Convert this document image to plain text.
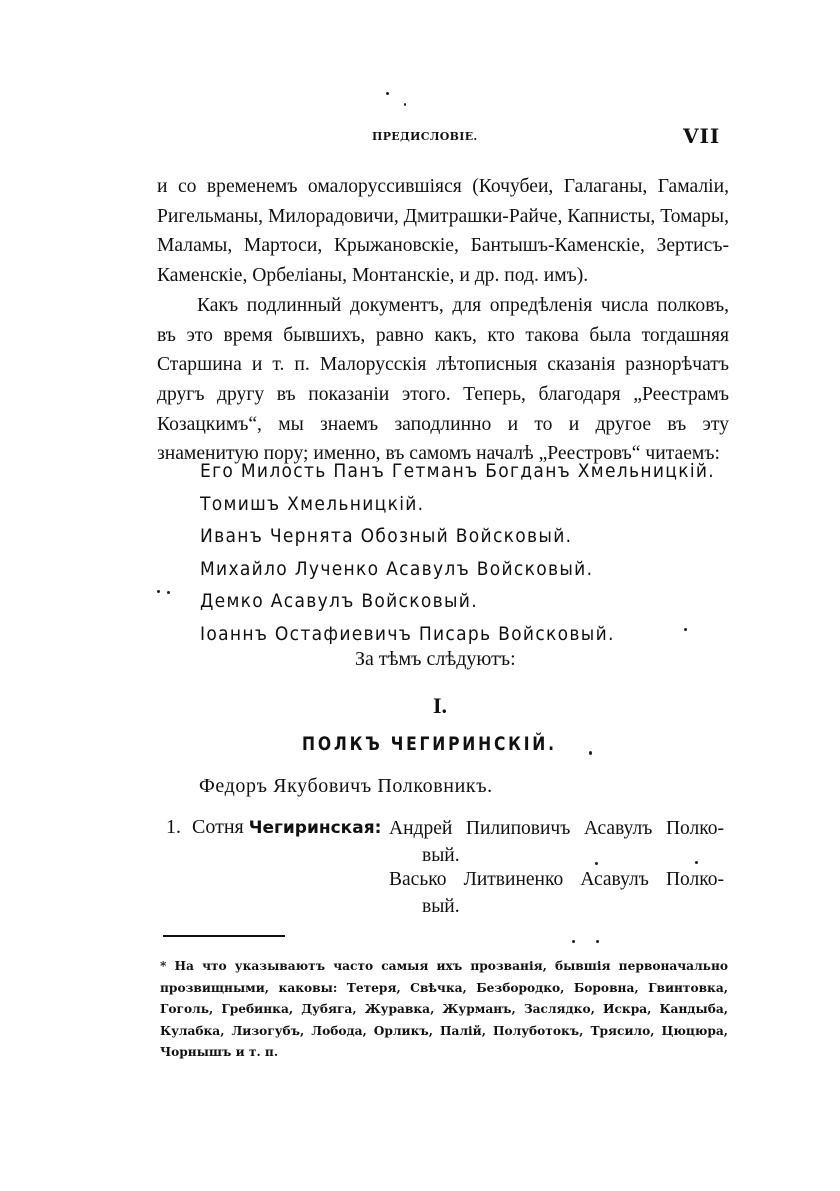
ПРЕДИСЛОВІЕ.	VII

и со временемъ омалоруссившіяся (Кочубеи, Галаганы, Гамаліи, Ригельманы, Милорадовичи, Дмитрашки-Райче, Капнисты, Томары, Маламы, Мартоси, Крыжановскіе, Бантышъ-Каменскіе, Зертисъ-Каменскіе, Орбеліаны, Монтанскіе, и др. под. имъ).

Какъ подлинный документъ, для опредѣленія числа полковъ, въ это время бывшихъ, равно какъ, кто такова была тогдашняя Старшина и т. п. Малорусскія лѣтописныя сказанія разнорѣчатъ другъ другу въ показаніи этого. Теперь, благодаря „Реестрамъ Козацкимъ“, мы знаемъ заподлинно и то и другое въ эту знаменитую пору; именно, въ самомъ началѣ „Реестровъ“ читаемъ:

Его Милость Панъ Гетманъ Богданъ Хмельницкій.
Томишъ Хмельницкій.
Иванъ Чернята Обозный Войсковый.
Михайло Лученко Асавулъ Войсковый.
Демко Асавулъ Войсковый.
Іоаннъ Остафиевичъ Писарь Войсковый.
За тѣмъ слѣдуютъ:
I.
ПОЛКЪ ЧЕГИРИНСКІЙ.
Федоръ Якубовичъ Полковникъ.
1. Сотня Чегиринская: Андрей Пилиповичъ Асавулъ Полко-
вый.
Васько Литвиненко Асавулъ Полко-
вый.
* На что указываютъ часто самыя ихъ прозванія, бывшія первоначально прозвищными, каковы: Тетеря, Свѣчка, Безбородко, Боровна, Гвинтовка, Гоголь, Гребинка, Дубяга, Журавка, Журманъ, Заслядко, Искра, Кандыба, Кулабка, Лизогубъ, Лобода, Орликъ, Палій, Полуботокъ, Трясило, Цюцюра, Чорнышъ и т. п.
